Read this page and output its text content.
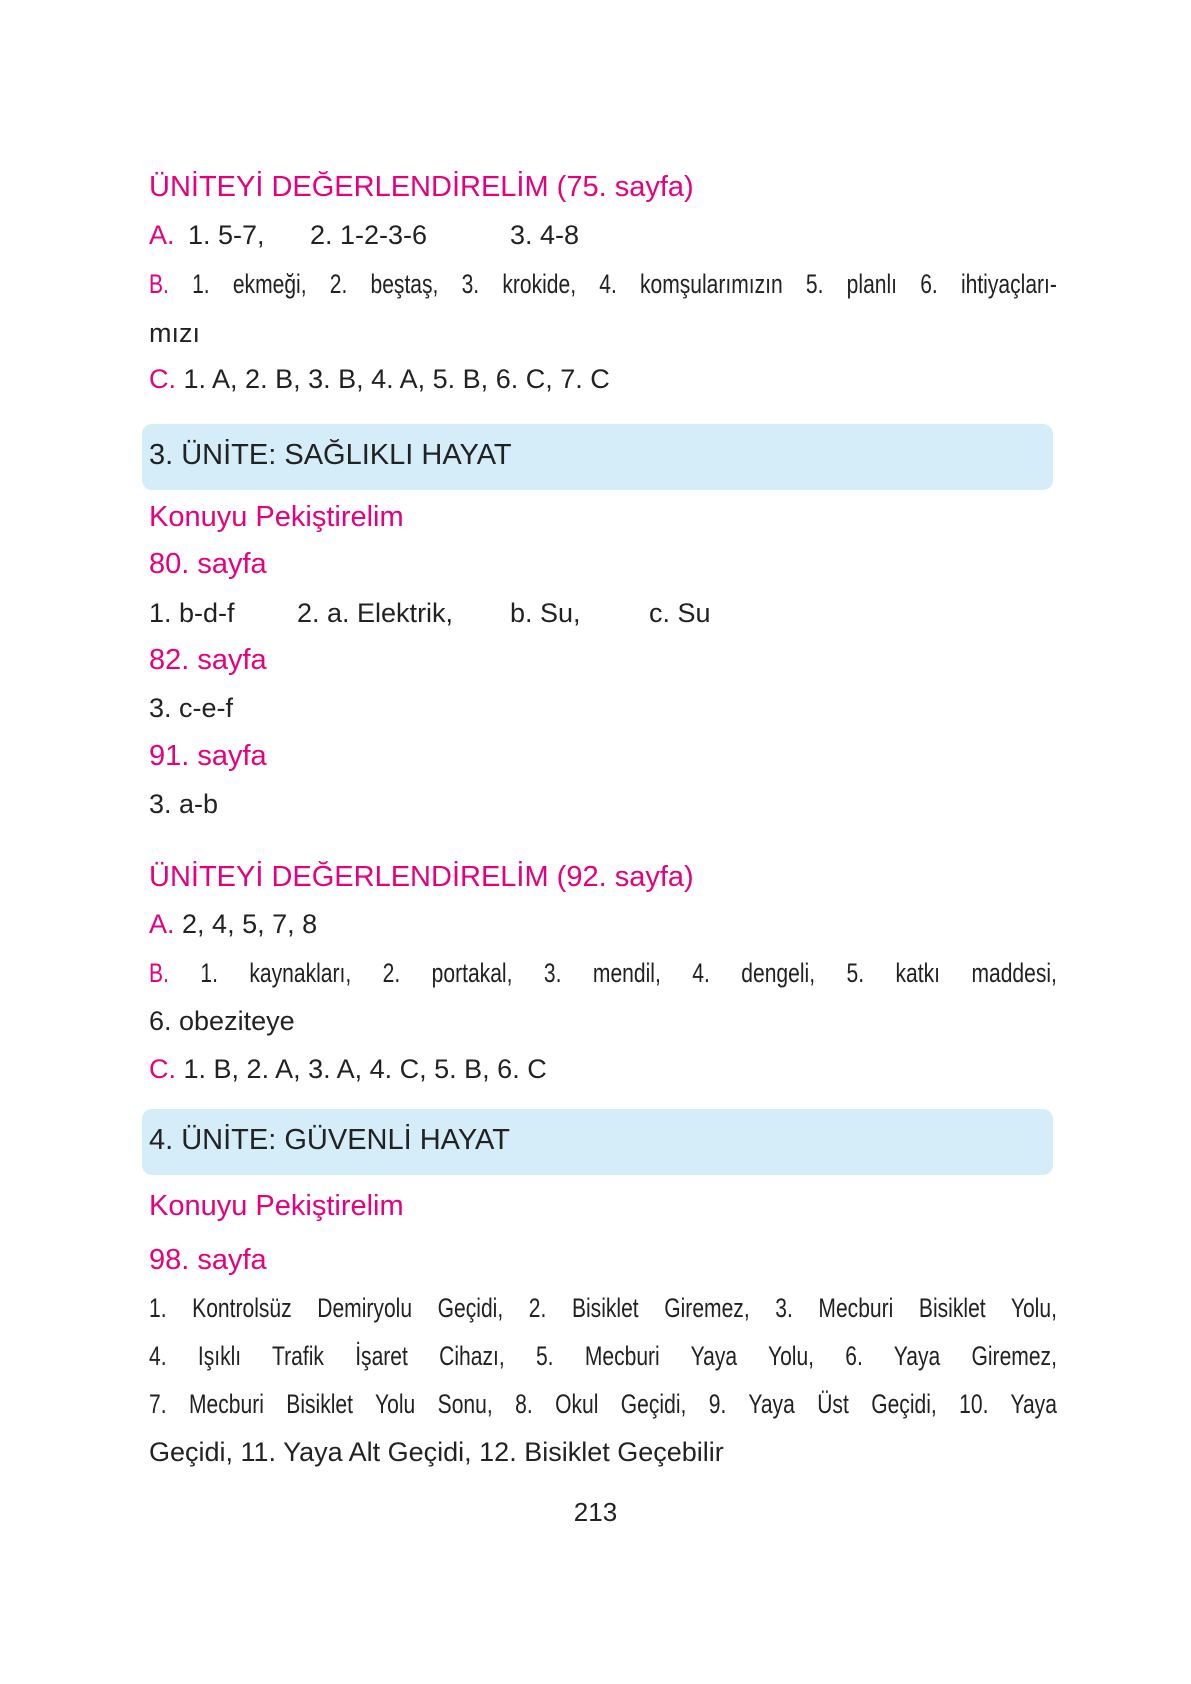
ÜNİTEYİ DEĞERLENDİRELİM (75. sayfa)
A. 1. 5-7, 2. 1-2-3-6	3. 4-8
B. 1. ekmeği, 2. beştaş, 3. krokide, 4. komşularımızın 5. planlı 6. ihtiyaçları-
mızı
C. 1. A, 2. B, 3. B, 4. A, 5. B, 6. C, 7. C
3. ÜNİTE: SAĞLIKLI HAYAT
Konuyu Pekiştirelim
80. sayfa
1. b-d-f 2. a. Elektrik, b. Su,	c. Su
82. sayfa
3. c-e-f
91. sayfa
3. a-b
ÜNİTEYİ DEĞERLENDİRELİM (92. sayfa)
A. 2, 4, 5, 7, 8
B. 1. kaynakları, 2. portakal, 3. mendil, 4. dengeli, 5. katkı maddesi,
6. obeziteye
C. 1. B, 2. A, 3. A, 4. C, 5. B, 6. C
4. ÜNİTE: GÜVENLİ HAYAT
Konuyu Pekiştirelim
98. sayfa
1. Kontrolsüz Demiryolu Geçidi, 2. Bisiklet Giremez, 3. Mecburi Bisiklet Yolu,
4. Işıklı Trafik İşaret Cihazı, 5. Mecburi Yaya Yolu, 6. Yaya Giremez,
7. Mecburi Bisiklet Yolu Sonu, 8. Okul Geçidi, 9. Yaya Üst Geçidi, 10. Yaya
Geçidi, 11. Yaya Alt Geçidi, 12. Bisiklet Geçebilir
213
